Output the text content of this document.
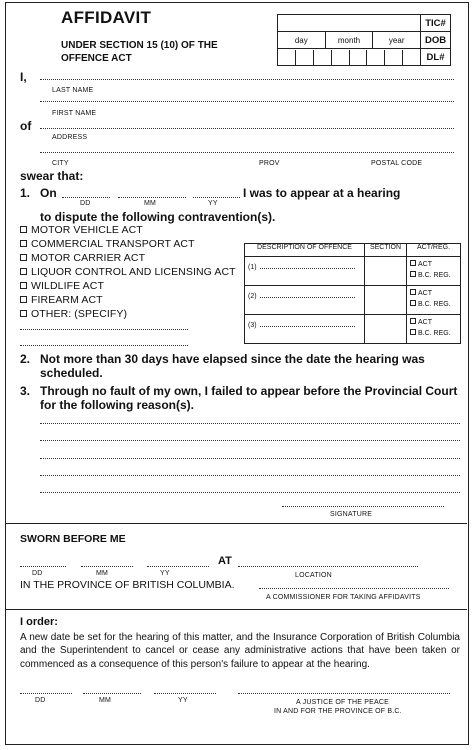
AFFIDAVIT
UNDER SECTION 15 (10) OF THE
OFFENCE ACT
			TIC#
day	month	year	DOB

			DL#
I,
LAST NAME
FIRST NAME
of
ADDRESS
CITY	PROV	POSTAL CODE
swear that:
1. On	I was to appear at a hearing
DD	MM	YY
to dispute the following contravention(s).
MOTOR VEHICLE ACT
COMMERCIAL TRANSPORT ACT
MOTOR CARRIER ACT
LIQUOR CONTROL AND LICENSING ACT
WILDLIFE ACT
FIREARM ACT
OTHER: (SPECIFY)
DESCRIPTION OF OFFENCE	SECTION	ACT/REG.
(1)		ACT
B.C. REG.

(2)		ACT
B.C. REG.

(3)		ACT
B.C. REG.
2. Not more than 30 days have elapsed since the date the hearing was
scheduled.
3. Through no fault of my own, I failed to appear before the Provincial Court
for the following reason(s).
SIGNATURE
SWORN BEFORE ME
AT
DD	MM	YY	LOCATION
IN THE PROVINCE OF BRITISH COLUMBIA.
A COMMISSIONER FOR TAKING AFFIDAVITS
I order:
A new date be set for the hearing of this matter, and the Insurance Corporation of British Columbia and the Superintendent to cancel or cease any administrative actions that have been taken or commenced as a consequence of this person's failure to appear at the hearing.
DD	MM	YY	A JUSTICE OF THE PEACE
IN AND FOR THE PROVINCE OF B.C.
